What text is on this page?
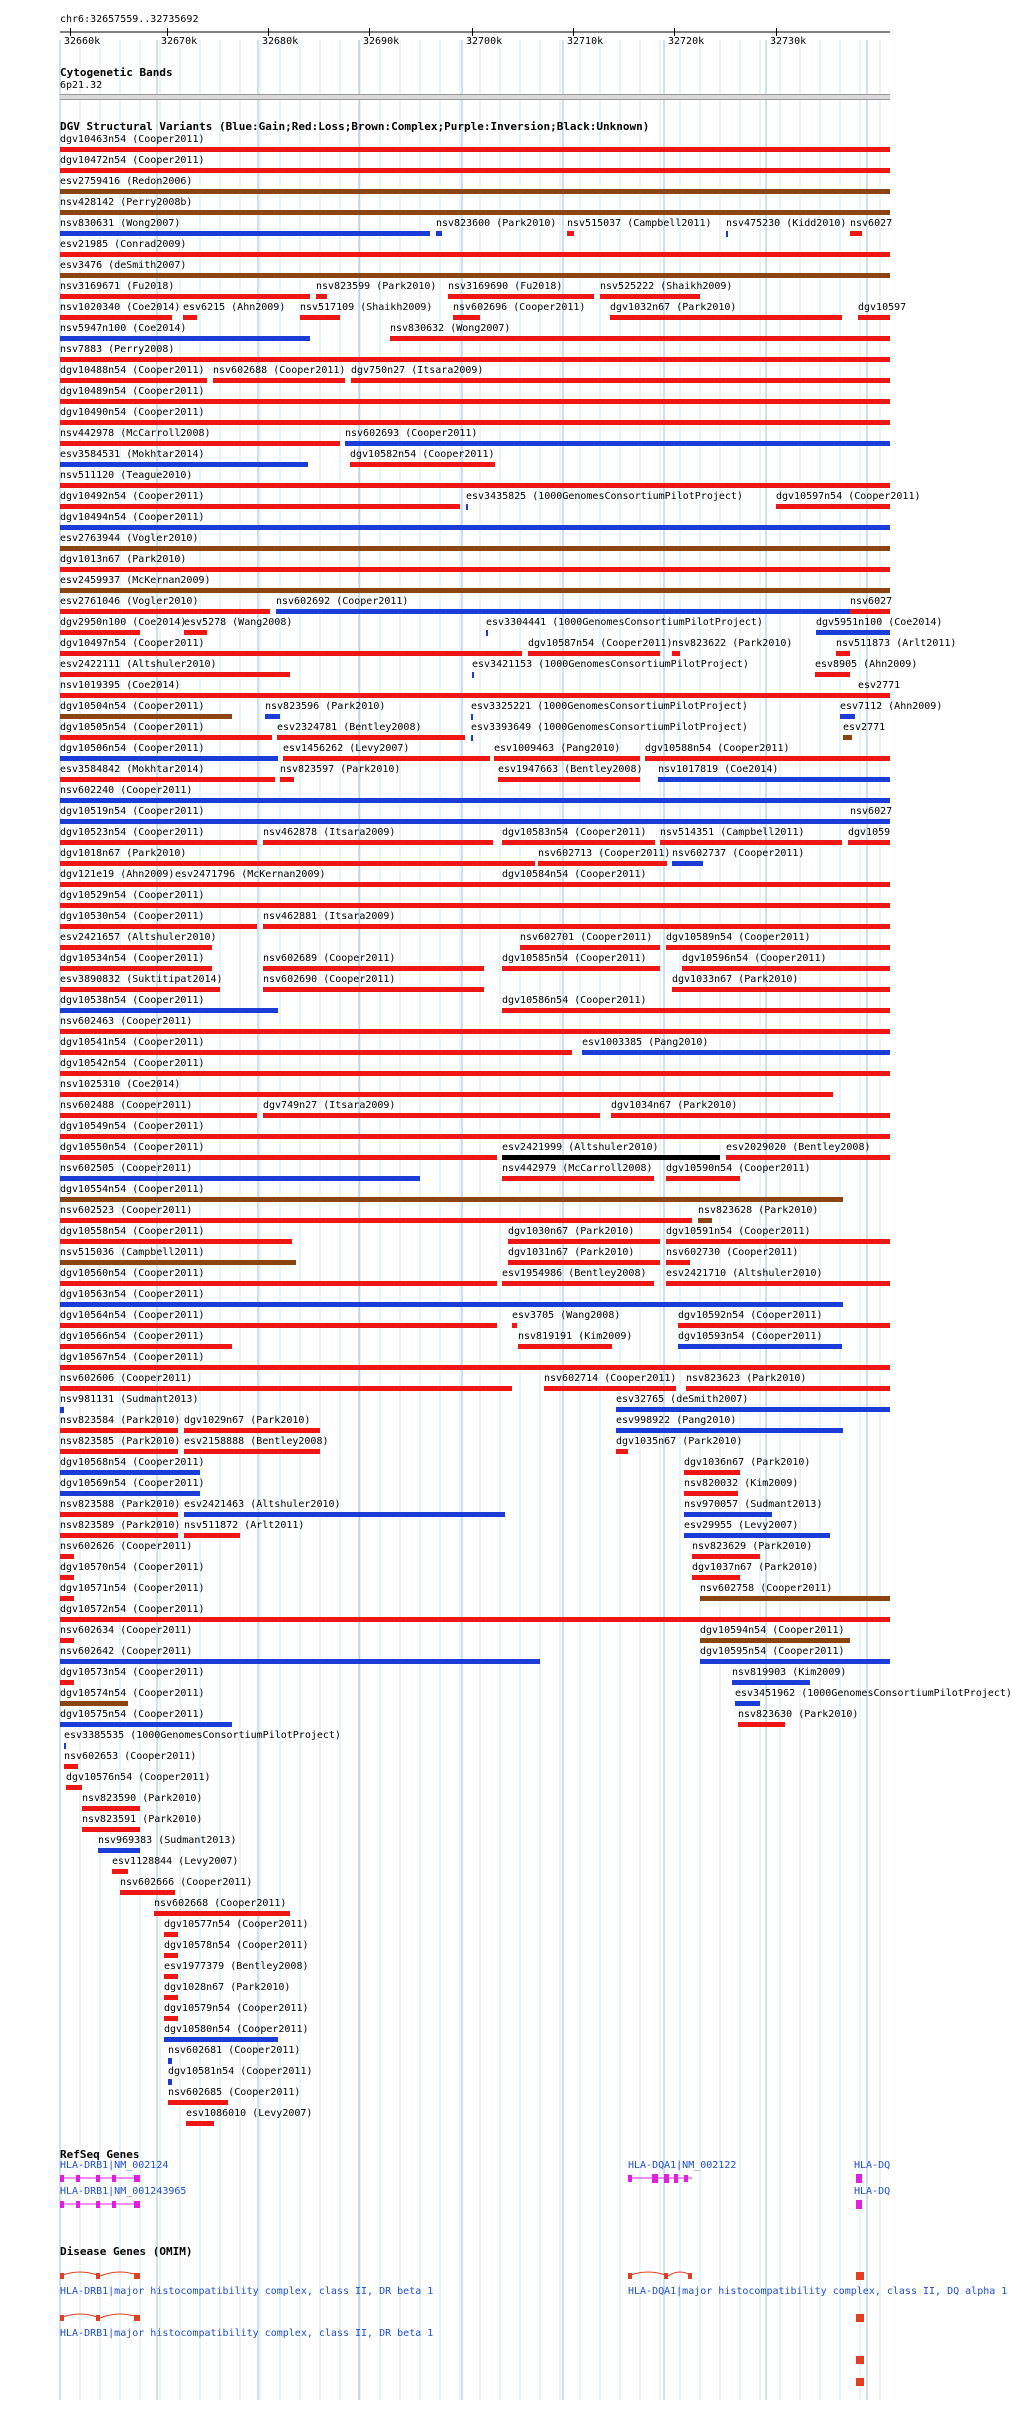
chr6:32657559..32735692
32660k	32670k	32680k	32690k	32700k	32710k	32720k	32730k
Cytogenetic Bands
6p21.32
DGV Structural Variants (Blue:Gain;Red:Loss;Brown:Complex;Purple:Inversion;Black:Unknown)
dgv10463n54 (Cooper2011)
dgv10472n54 (Cooper2011)
esv2759416 (Redon2006)
nsv428142 (Perry2008b)
nsv830631 (Wong2007)	nsv823600 (Park2010) nsv515037 (Campbell2011) nsv475230 (Kidd2010) nsv6027
esv21985 (Conrad2009)
esv3476 (deSmith2007)
nsv3169671 (Fu2018)	nsv823599 (Park2010) nsv3169690 (Fu2018)	nsv525222 (Shaikh2009)
nsv1020340 (Coe2014) esv6215 (Ahn2009) nsv517109 (Shaikh2009) nsv602696 (Cooper2011) dgv1032n67 (Park2010)	dgv10597
nsv5947n100 (Coe2014)	nsv830632 (Wong2007)
nsv7883 (Perry2008)
dgv10488n54 (Cooper2011) nsv602688 (Cooper2011) dgv750n27 (Itsara2009)
dgv10489n54 (Cooper2011)
dgv10490n54 (Cooper2011)
nsv442978 (McCarroll2008)	nsv602693 (Cooper2011)
esv3584531 (Mokhtar2014)	dgv10582n54 (Cooper2011)
nsv511120 (Teague2010)
dgv10492n54 (Cooper2011)	esv3435825 (1000GenomesConsortiumPilotProject)	dgv10597n54 (Cooper2011)
dgv10494n54 (Cooper2011)
esv2763944 (Vogler2010)
dgv1013n67 (Park2010)
esv2459937 (McKernan2009)
esv2761046 (Vogler2010)	nsv602692 (Cooper2011)	nsv6027
dgv2950n100 (Coe2014)
esv5278 (Wang2008)	esv3304441 (1000GenomesConsortiumPilotProject)	dgv5951n100 (Coe2014)
dgv10497n54 (Cooper2011)	dgv10587n54 (Cooper2011) nsv823622 (Park2010)	nsv511873 (Arlt2011)
esv2422111 (Altshuler2010)	esv3421153 (1000GenomesConsortiumPilotProject)	esv8905 (Ahn2009)
nsv1019395 (Coe2014)	esv2771
dgv10504n54 (Cooper2011)	nsv823596 (Park2010)	esv3325221 (1000GenomesConsortiumPilotProject)	esv7112 (Ahn2009)
dgv10505n54 (Cooper2011)	esv2324781 (Bentley2008)	esv3393649 (1000GenomesConsortiumPilotProject)	esv2771
dgv10506n54 (Cooper2011)	esv1456262 (Levy2007)	esv1009463 (Pang2010) dgv10588n54 (Cooper2011)
esv3584842 (Mokhtar2014)	nsv823597 (Park2010)	esv1947663 (Bentley2008) nsv1017819 (Coe2014)
nsv602240 (Cooper2011)
dgv10519n54 (Cooper2011)	nsv6027
dgv10523n54 (Cooper2011)	nsv462878 (Itsara2009)	dgv10583n54 (Cooper2011) nsv514351 (Campbell2011)	dgv1059
dgv1018n67 (Park2010)	nsv602713 (Cooper2011) nsv602737 (Cooper2011)
dgv121e19 (Ahn2009) esv2471796 (McKernan2009)	dgv10584n54 (Cooper2011)
dgv10529n54 (Cooper2011)
dgv10530n54 (Cooper2011)	nsv462881 (Itsara2009)
esv2421657 (Altshuler2010)	nsv602701 (Cooper2011) dgv10589n54 (Cooper2011)
dgv10534n54 (Cooper2011)	nsv602689 (Cooper2011)	dgv10585n54 (Cooper2011)	dgv10596n54 (Cooper2011)
esv3890832 (Suktitipat2014)	nsv602690 (Cooper2011)	dgv1033n67 (Park2010)
dgv10538n54 (Cooper2011)	dgv10586n54 (Cooper2011)
nsv602463 (Cooper2011)
dgv10541n54 (Cooper2011)	esv1003385 (Pang2010)
dgv10542n54 (Cooper2011)
nsv1025310 (Coe2014)
nsv602488 (Cooper2011)	dgv749n27 (Itsara2009)	dgv1034n67 (Park2010)
dgv10549n54 (Cooper2011)
dgv10550n54 (Cooper2011)	esv2421999 (Altshuler2010)	esv2029020 (Bentley2008)
nsv602505 (Cooper2011)	nsv442979 (McCarroll2008) dgv10590n54 (Cooper2011)
dgv10554n54 (Cooper2011)
nsv602523 (Cooper2011)	nsv823628 (Park2010)
dgv10558n54 (Cooper2011)	dgv1030n67 (Park2010)	dgv10591n54 (Cooper2011)
nsv515036 (Campbell2011)	dgv1031n67 (Park2010)	nsv602730 (Cooper2011)
dgv10560n54 (Cooper2011)	esv1954986 (Bentley2008) esv2421710 (Altshuler2010)
dgv10563n54 (Cooper2011)
dgv10564n54 (Cooper2011)	esv3705 (Wang2008)	dgv10592n54 (Cooper2011)
dgv10566n54 (Cooper2011)	nsv819191 (Kim2009)	dgv10593n54 (Cooper2011)
dgv10567n54 (Cooper2011)
nsv602606 (Cooper2011)	nsv602714 (Cooper2011) nsv823623 (Park2010)
nsv981131 (Sudmant2013)	esv32765 (deSmith2007)
nsv823584 (Park2010) dgv1029n67 (Park2010)	esv998922 (Pang2010)
nsv823585 (Park2010) esv2158888 (Bentley2008)	dgv1035n67 (Park2010)
dgv10568n54 (Cooper2011)	dgv1036n67 (Park2010)
dgv10569n54 (Cooper2011)	nsv820032 (Kim2009)
nsv823588 (Park2010) esv2421463 (Altshuler2010)	nsv970057 (Sudmant2013)
nsv823589 (Park2010) nsv511872 (Arlt2011)	esv29955 (Levy2007)
nsv602626 (Cooper2011)	nsv823629 (Park2010)
dgv10570n54 (Cooper2011)	dgv1037n67 (Park2010)
dgv10571n54 (Cooper2011)	nsv602758 (Cooper2011)
dgv10572n54 (Cooper2011)
nsv602634 (Cooper2011)	dgv10594n54 (Cooper2011)
nsv602642 (Cooper2011)	dgv10595n54 (Cooper2011)
dgv10573n54 (Cooper2011)	nsv819903 (Kim2009)
dgv10574n54 (Cooper2011)	esv3451962 (1000GenomesConsortiumPilotProject)
dgv10575n54 (Cooper2011)	nsv823630 (Park2010)
esv3385535 (1000GenomesConsortiumPilotProject)
nsv602653 (Cooper2011)
dgv10576n54 (Cooper2011)
nsv823590 (Park2010)
nsv823591 (Park2010)
nsv969383 (Sudmant2013)
esv1128844 (Levy2007)
nsv602666 (Cooper2011)
nsv602668 (Cooper2011)
dgv10577n54 (Cooper2011)
dgv10578n54 (Cooper2011)
esv1977379 (Bentley2008)
dgv1028n67 (Park2010)
dgv10579n54 (Cooper2011)
dgv10580n54 (Cooper2011)
nsv602681 (Cooper2011)
dgv10581n54 (Cooper2011)
nsv602685 (Cooper2011)
esv1086010 (Levy2007)
RefSeq Genes
HLA-DRB1|NM_002124	HLA-DQA1|NM_002122	HLA-DQ
HLA-DRB1|NM_001243965	HLA-DQ
Disease Genes (OMIM)
HLA-DRB1|major histocompatibility complex, class II, DR beta 1	HLA-DQA1|major histocompatibility complex, class II, DQ alpha 1
HLA-DRB1|major histocompatibility complex, class II, DR beta 1
